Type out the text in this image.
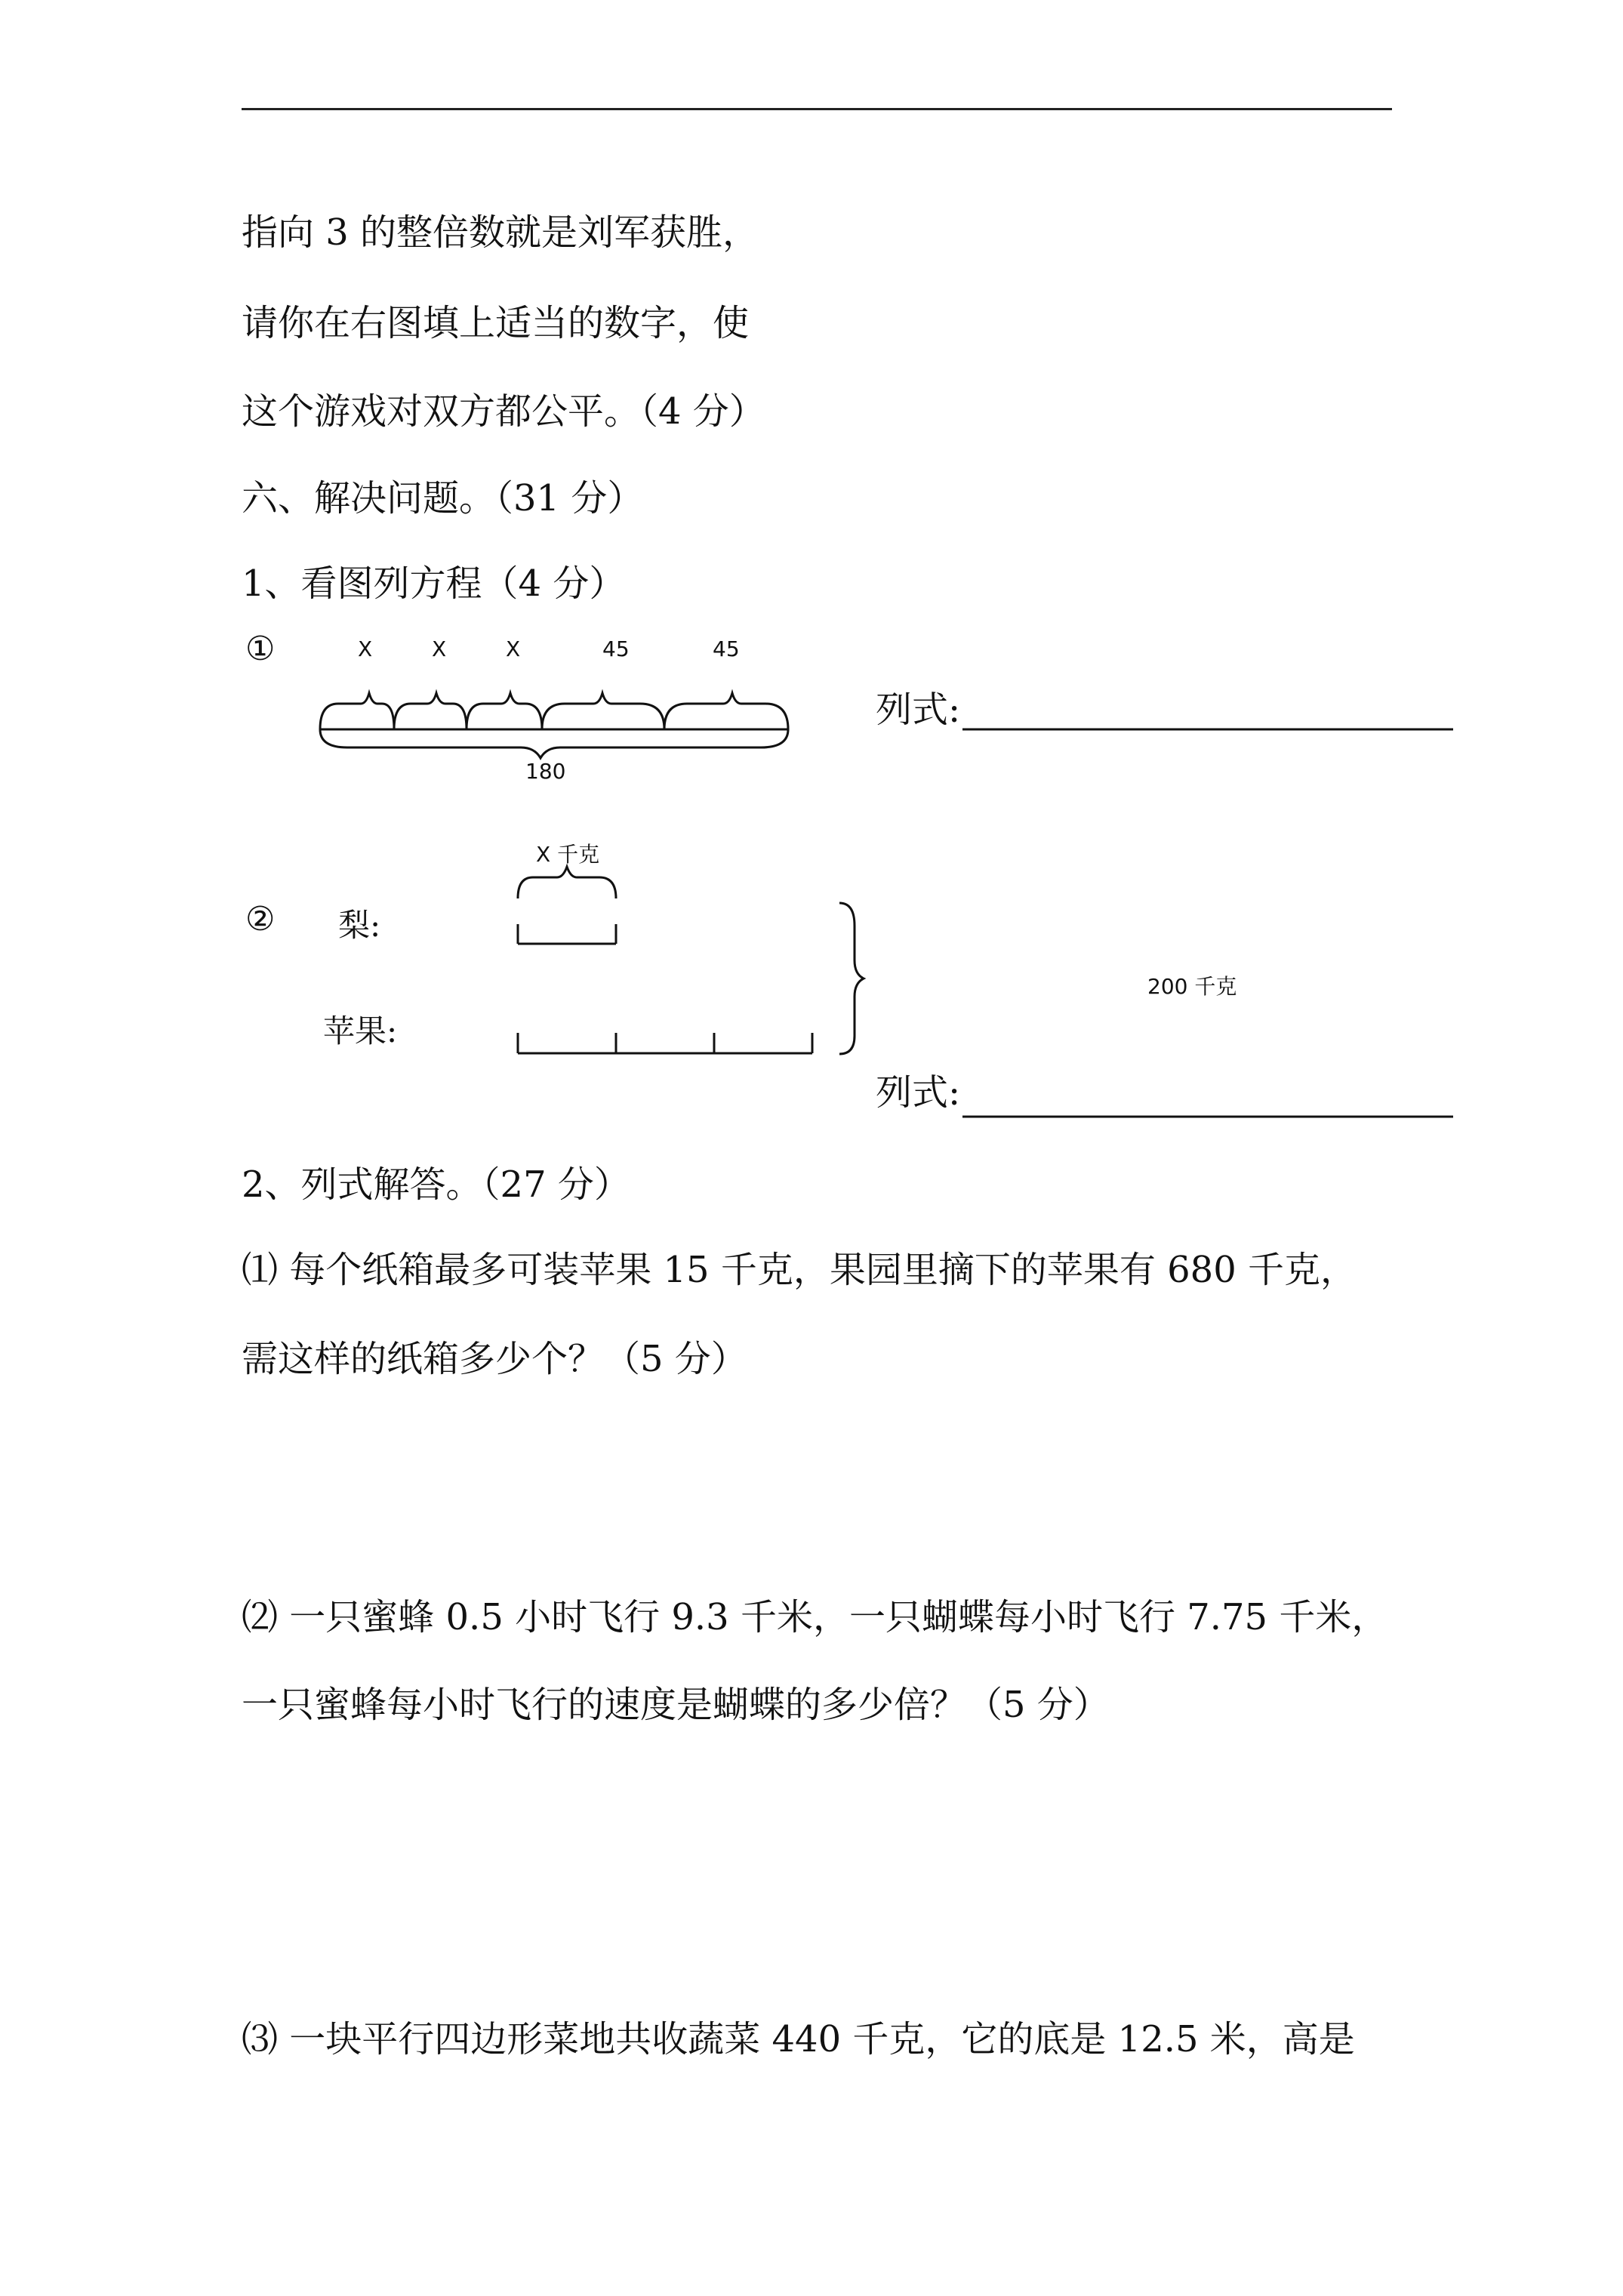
指向 3 的整倍数就是刘军获胜，
请你在右图填上适当的数字，使
这个游戏对双方都公平。（4 分）
六、解决问题。（31 分）
1、看图列方程（4 分）
①	X	X	X	45	45
180
列式:
X 千克
② 梨:
苹果:
200 千克
列式:
2、列式解答。（27 分）
⑴ 每个纸箱最多可装苹果 15 千克，果园里摘下的苹果有 680 千克，
需这样的纸箱多少个？（5 分）
⑵ 一只蜜蜂 0.5 小时飞行 9.3 千米，一只蝴蝶每小时飞行 7.75 千米，
一只蜜蜂每小时飞行的速度是蝴蝶的多少倍？（5 分）
⑶ 一块平行四边形菜地共收蔬菜 440 千克，它的底是 12.5 米，高是
